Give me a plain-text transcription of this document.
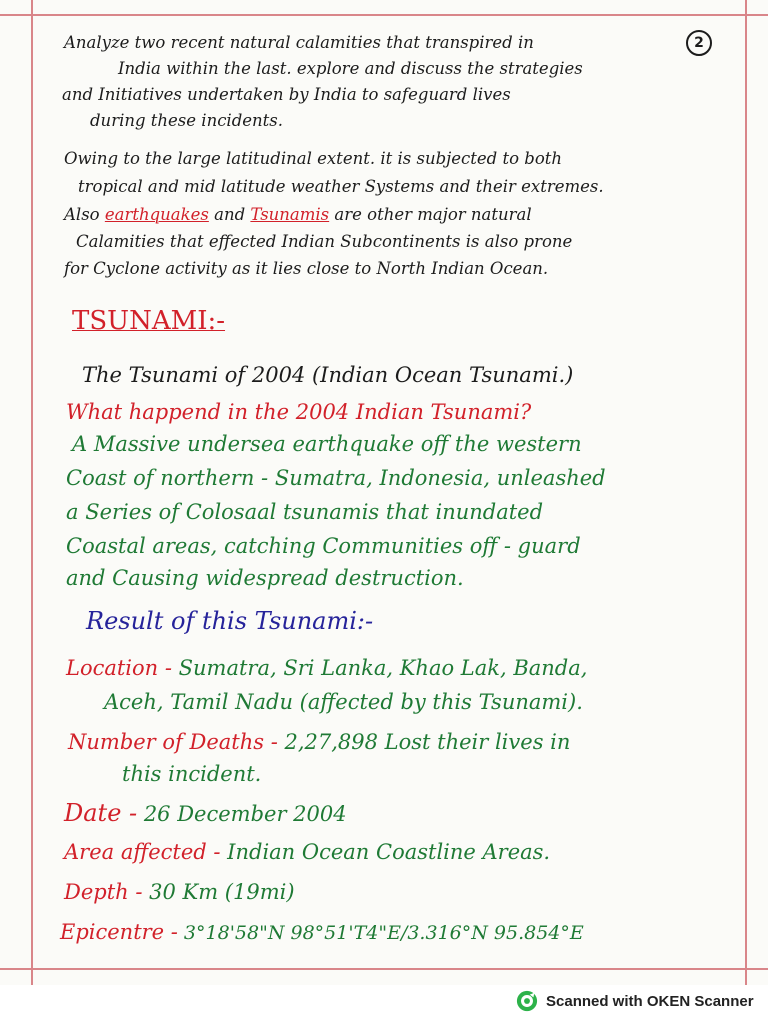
2

Analyze two recent natural calamities that transpired in

India within the last. explore and discuss the strategies

and Initiatives undertaken by India to safeguard lives

during these incidents.

Owing to the large latitudinal extent. it is subjected to both

tropical and mid latitude weather Systems and their extremes.

Also earthquakes and Tsunamis are other major natural

Calamities that effected Indian Subcontinents is also prone

for Cyclone activity as it lies close to North Indian Ocean.

TSUNAMI:-

The Tsunami of 2004 (Indian Ocean Tsunami.)

What happend in the 2004 Indian Tsunami?

A Massive undersea earthquake off the western

Coast of northern - Sumatra, Indonesia, unleashed

a Series of Colosaal tsunamis that inundated

Coastal areas, catching Communities off - guard

and Causing widespread destruction.

Result of this Tsunami:-

Location - Sumatra, Sri Lanka, Khao Lak, Banda,

Aceh, Tamil Nadu (affected by this Tsunami).

Number of Deaths - 2,27,898 Lost their lives in

this incident.

Date - 26 December 2004

Area affected - Indian Ocean Coastline Areas.

Depth - 30 Km (19mi)

Epicentre - 3°18'58"N 98°51'T4"E/3.316°N 95.854°E

Scanned with OKEN Scanner
